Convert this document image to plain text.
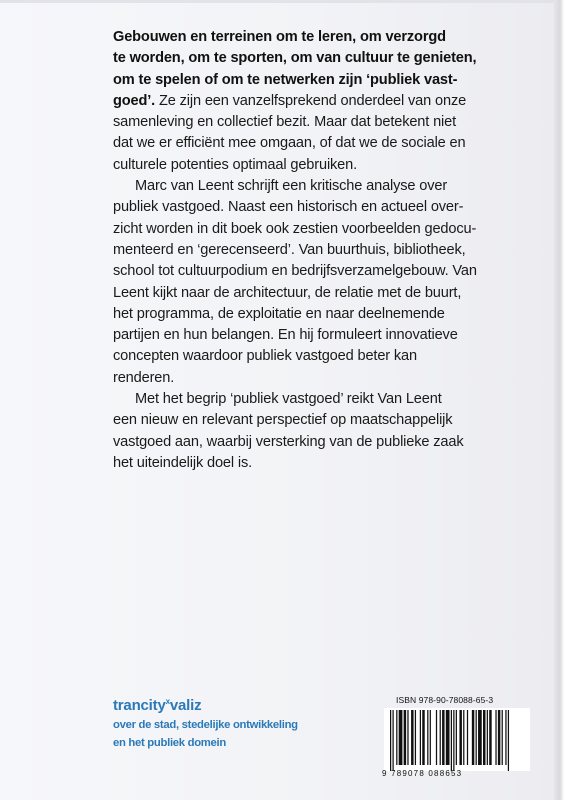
Gebouwen en terreinen om te leren, om verzorgd
te worden, om te sporten, om van cultuur te genieten,
om te spelen of om te netwerken zijn ‘publiek vast-
goed’. Ze zijn een vanzelfsprekend onderdeel van onze
samenleving en collectief bezit. Maar dat betekent niet
dat we er efficiënt mee omgaan, of dat we de sociale en
culturele potenties optimaal gebruiken.

Marc van Leent schrijft een kritische analyse over
publiek vastgoed. Naast een historisch en actueel over-
zicht worden in dit boek ook zestien voorbeelden gedocu-
menteerd en ‘gerecenseerd’. Van buurthuis, bibliotheek,
school tot cultuurpodium en bedrijfsverzamelgebouw. Van
Leent kijkt naar de architectuur, de relatie met de buurt,
het programma, de exploitatie en naar deelnemende
partijen en hun belangen. En hij formuleert innovatieve
concepten waardoor publiek vastgoed beter kan
renderen.

Met het begrip ‘publiek vastgoed’ reikt Van Leent
een nieuw en relevant perspectief op maatschappelijk
vastgoed aan, waarbij versterking van de publieke zaak
het uiteindelijk doel is.

trancity$^x$valiz
over de stad, stedelijke ontwikkeling
en het publiek domein
ISBN 978-90-78088-65-3
9 789078 088653
